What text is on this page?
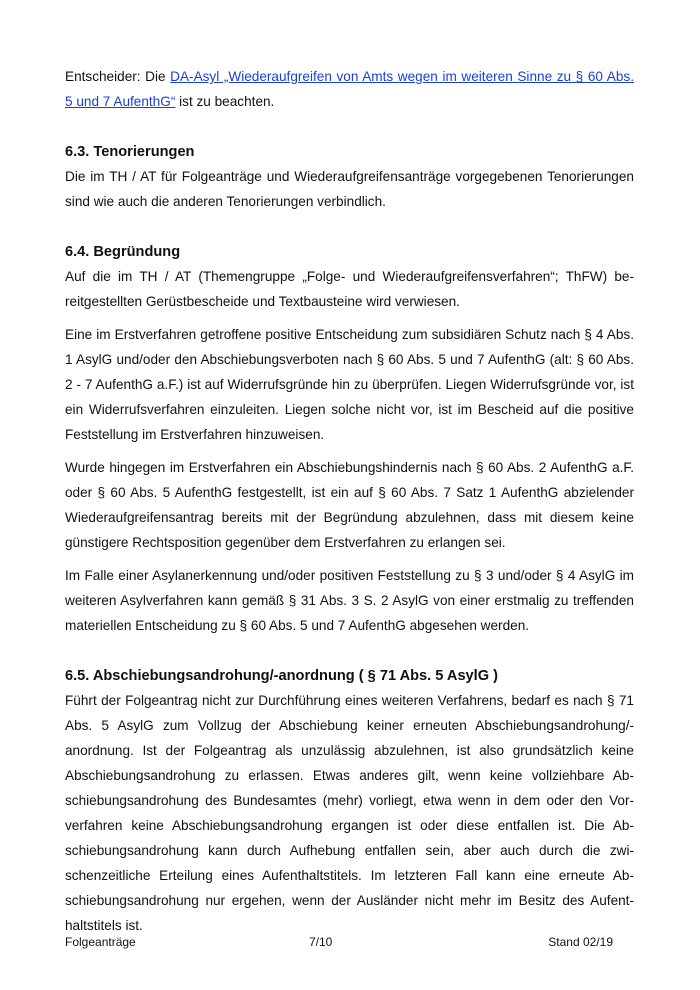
Entscheider: Die DA-Asyl „Wiederaufgreifen von Amts wegen im weiteren Sinne zu § 60 Abs. 5 und 7 AufenthG“ ist zu beachten.

6.3. Tenorierungen

Die im TH / AT für Folgeanträge und Wiederaufgreifensanträge vorgegebenen Tenorierungen sind wie auch die anderen Tenorierungen verbindlich.

6.4. Begründung

Auf die im TH / AT (Themengruppe „Folge- und Wiederaufgreifensverfahren“; ThFW) bereitgestellten Gerüstbescheide und Textbausteine wird verwiesen.

Eine im Erstverfahren getroffene positive Entscheidung zum subsidiären Schutz nach § 4 Abs. 1 AsylG und/oder den Abschiebungsverboten nach § 60 Abs. 5 und 7 AufenthG (alt: § 60 Abs. 2 - 7 AufenthG a.F.) ist auf Widerrufsgründe hin zu überprüfen. Liegen Widerrufsgründe vor, ist ein Widerrufsverfahren einzuleiten. Liegen solche nicht vor, ist im Bescheid auf die positive Feststellung im Erstverfahren hinzuweisen.

Wurde hingegen im Erstverfahren ein Abschiebungshindernis nach § 60 Abs. 2 AufenthG a.F. oder § 60 Abs. 5 AufenthG festgestellt, ist ein auf § 60 Abs. 7 Satz 1 AufenthG abzielender Wiederaufgreifensantrag bereits mit der Begründung abzulehnen, dass mit diesem keine günstigere Rechtsposition gegenüber dem Erstverfahren zu erlangen sei.

Im Falle einer Asylanerkennung und/oder positiven Feststellung zu § 3 und/oder § 4 AsylG im weiteren Asylverfahren kann gemäß § 31 Abs. 3 S. 2 AsylG von einer erstmalig zu treffenden materiellen Entscheidung zu § 60 Abs. 5 und 7 AufenthG abgesehen werden.

6.5. Abschiebungsandrohung/-anordnung ( § 71 Abs. 5 AsylG )

Führt der Folgeantrag nicht zur Durchführung eines weiteren Verfahrens, bedarf es nach § 71 Abs. 5 AsylG zum Vollzug der Abschiebung keiner erneuten Abschiebungsandrohung/-anordnung. Ist der Folgeantrag als unzulässig abzulehnen, ist also grundsätzlich keine Abschiebungsandrohung zu erlassen. Etwas anderes gilt, wenn keine vollziehbare Abschiebungsandrohung des Bundesamtes (mehr) vorliegt, etwa wenn in dem oder den Vorverfahren keine Abschiebungsandrohung ergangen ist oder diese entfallen ist. Die Abschiebungsandrohung kann durch Aufhebung entfallen sein, aber auch durch die zwischenzeitliche Erteilung eines Aufenthaltstitels. Im letzteren Fall kann eine erneute Abschiebungsandrohung nur ergehen, wenn der Ausländer nicht mehr im Besitz des Aufenthaltstitels ist.

Folgeanträge	7/10	Stand 02/19
